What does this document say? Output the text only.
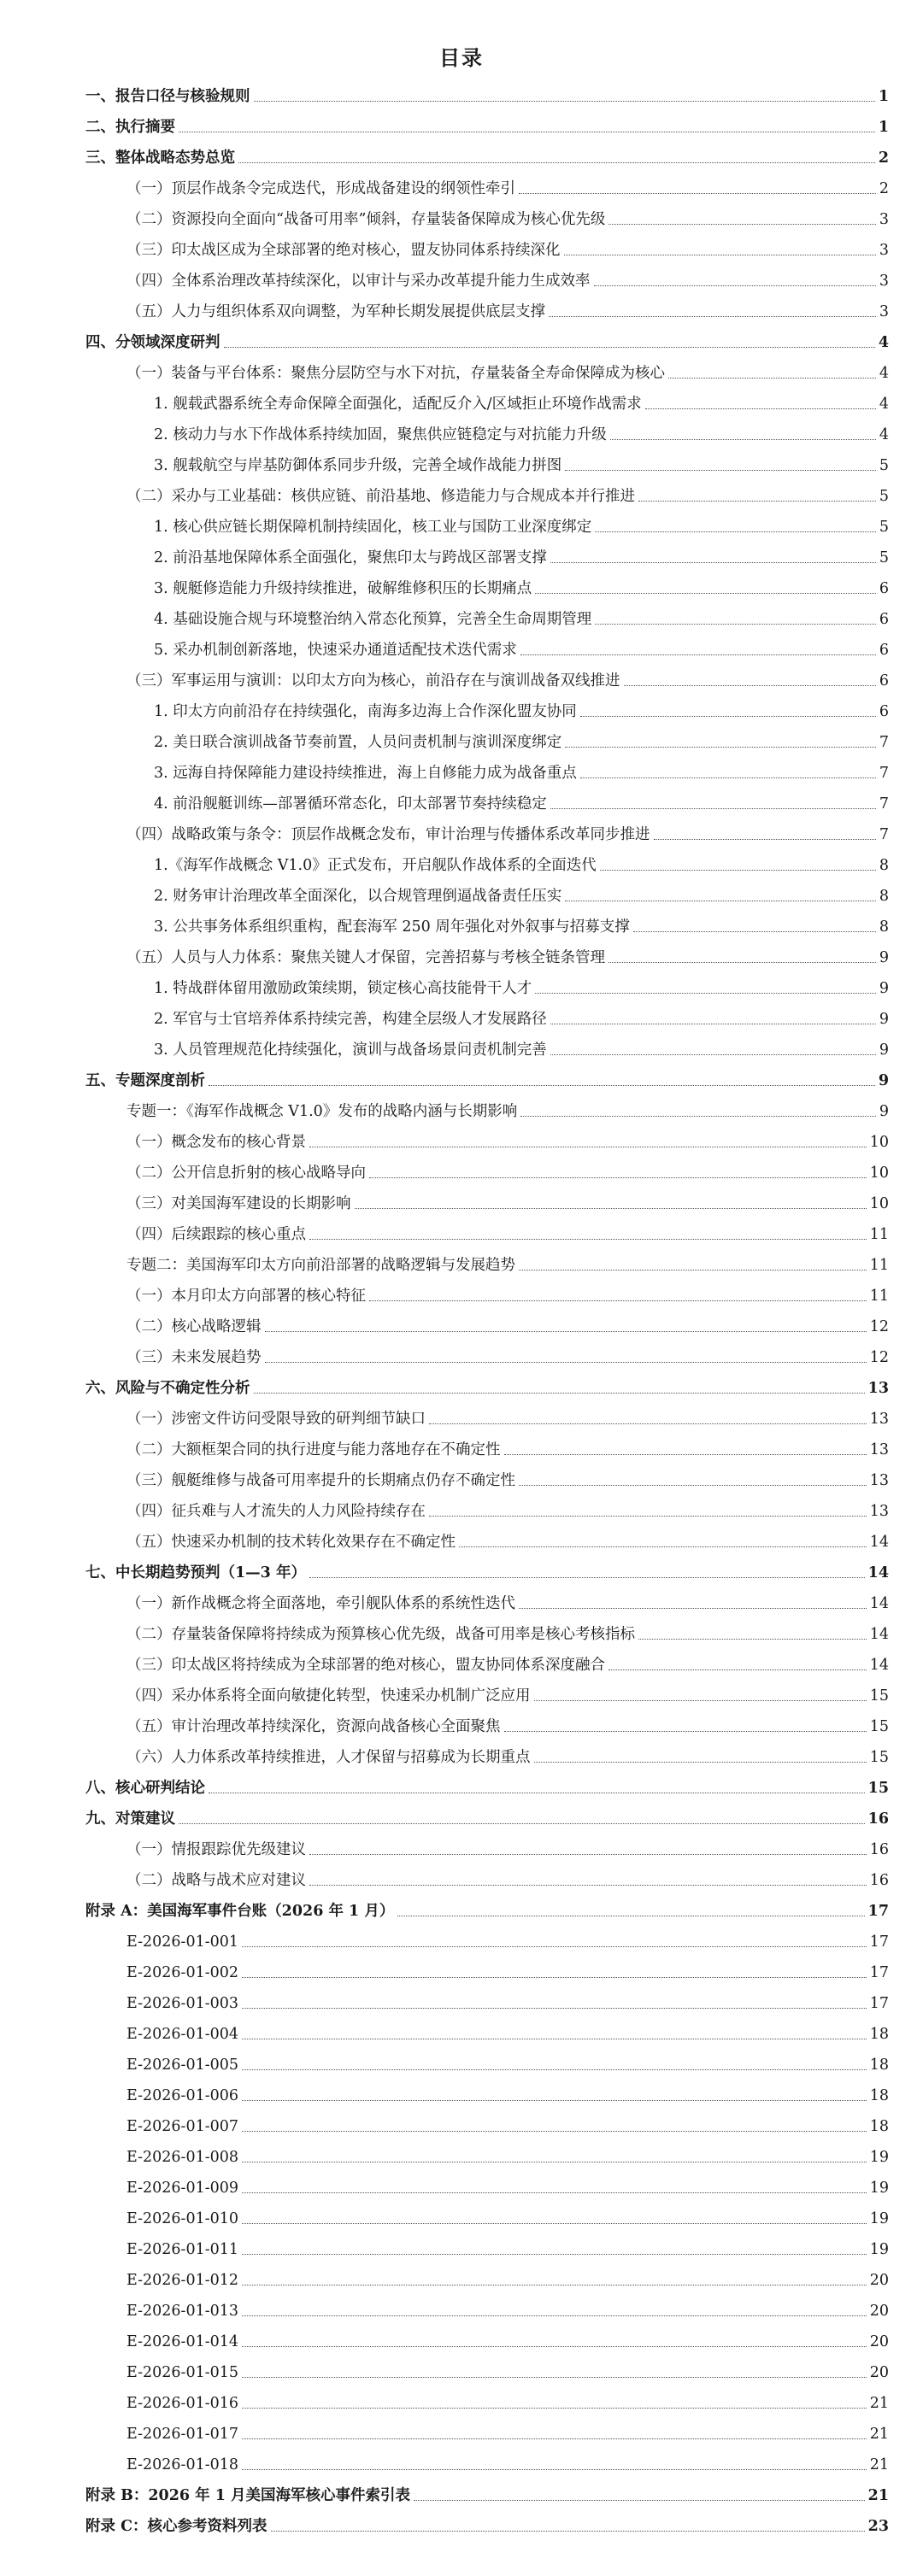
目录
一、报告口径与核验规则	1
二、执行摘要	1
三、整体战略态势总览	2
（一）顶层作战条令完成迭代，形成战备建设的纲领性牵引	2
（二）资源投向全面向“战备可用率”倾斜，存量装备保障成为核心优先级	3
（三）印太战区成为全球部署的绝对核心，盟友协同体系持续深化	3
（四）全体系治理改革持续深化，以审计与采办改革提升能力生成效率	3
（五）人力与组织体系双向调整，为军种长期发展提供底层支撑	3
四、分领域深度研判	4
（一）装备与平台体系：聚焦分层防空与水下对抗，存量装备全寿命保障成为核心	4
1. 舰载武器系统全寿命保障全面强化，适配反介入/区域拒止环境作战需求	4
2. 核动力与水下作战体系持续加固，聚焦供应链稳定与对抗能力升级	4
3. 舰载航空与岸基防御体系同步升级，完善全域作战能力拼图	5
（二）采办与工业基础：核供应链、前沿基地、修造能力与合规成本并行推进	5
1. 核心供应链长期保障机制持续固化，核工业与国防工业深度绑定	5
2. 前沿基地保障体系全面强化，聚焦印太与跨战区部署支撑	5
3. 舰艇修造能力升级持续推进，破解维修积压的长期痛点	6
4. 基础设施合规与环境整治纳入常态化预算，完善全生命周期管理	6
5. 采办机制创新落地，快速采办通道适配技术迭代需求	6
（三）军事运用与演训：以印太方向为核心，前沿存在与演训战备双线推进	6
1. 印太方向前沿存在持续强化，南海多边海上合作深化盟友协同	6
2. 美日联合演训战备节奏前置，人员问责机制与演训深度绑定	7
3. 远海自持保障能力建设持续推进，海上自修能力成为战备重点	7
4. 前沿舰艇训练—部署循环常态化，印太部署节奏持续稳定	7
（四）战略政策与条令：顶层作战概念发布，审计治理与传播体系改革同步推进	7
1.《海军作战概念 V1.0》正式发布，开启舰队作战体系的全面迭代	8
2. 财务审计治理改革全面深化，以合规管理倒逼战备责任压实	8
3. 公共事务体系组织重构，配套海军 250 周年强化对外叙事与招募支撑	8
（五）人员与人力体系：聚焦关键人才保留，完善招募与考核全链条管理	9
1. 特战群体留用激励政策续期，锁定核心高技能骨干人才	9
2. 军官与士官培养体系持续完善，构建全层级人才发展路径	9
3. 人员管理规范化持续强化，演训与战备场景问责机制完善	9
五、专题深度剖析	9
专题一：《海军作战概念 V1.0》发布的战略内涵与长期影响	9
（一）概念发布的核心背景	10
（二）公开信息折射的核心战略导向	10
（三）对美国海军建设的长期影响	10
（四）后续跟踪的核心重点	11
专题二：美国海军印太方向前沿部署的战略逻辑与发展趋势	11
（一）本月印太方向部署的核心特征	11
（二）核心战略逻辑	12
（三）未来发展趋势	12
六、风险与不确定性分析	13
（一）涉密文件访问受限导致的研判细节缺口	13
（二）大额框架合同的执行进度与能力落地存在不确定性	13
（三）舰艇维修与战备可用率提升的长期痛点仍存不确定性	13
（四）征兵难与人才流失的人力风险持续存在	13
（五）快速采办机制的技术转化效果存在不确定性	14
七、中长期趋势预判（1—3 年）	14
（一）新作战概念将全面落地，牵引舰队体系的系统性迭代	14
（二）存量装备保障将持续成为预算核心优先级，战备可用率是核心考核指标	14
（三）印太战区将持续成为全球部署的绝对核心，盟友协同体系深度融合	14
（四）采办体系将全面向敏捷化转型，快速采办机制广泛应用	15
（五）审计治理改革持续深化，资源向战备核心全面聚焦	15
（六）人力体系改革持续推进，人才保留与招募成为长期重点	15
八、核心研判结论	15
九、对策建议	16
（一）情报跟踪优先级建议	16
（二）战略与战术应对建议	16
附录 A：美国海军事件台账（2026 年 1 月）	17
E-2026-01-001	17
E-2026-01-002	17
E-2026-01-003	17
E-2026-01-004	18
E-2026-01-005	18
E-2026-01-006	18
E-2026-01-007	18
E-2026-01-008	19
E-2026-01-009	19
E-2026-01-010	19
E-2026-01-011	19
E-2026-01-012	20
E-2026-01-013	20
E-2026-01-014	20
E-2026-01-015	20
E-2026-01-016	21
E-2026-01-017	21
E-2026-01-018	21
附录 B：2026 年 1 月美国海军核心事件索引表	21
附录 C：核心参考资料列表	23
